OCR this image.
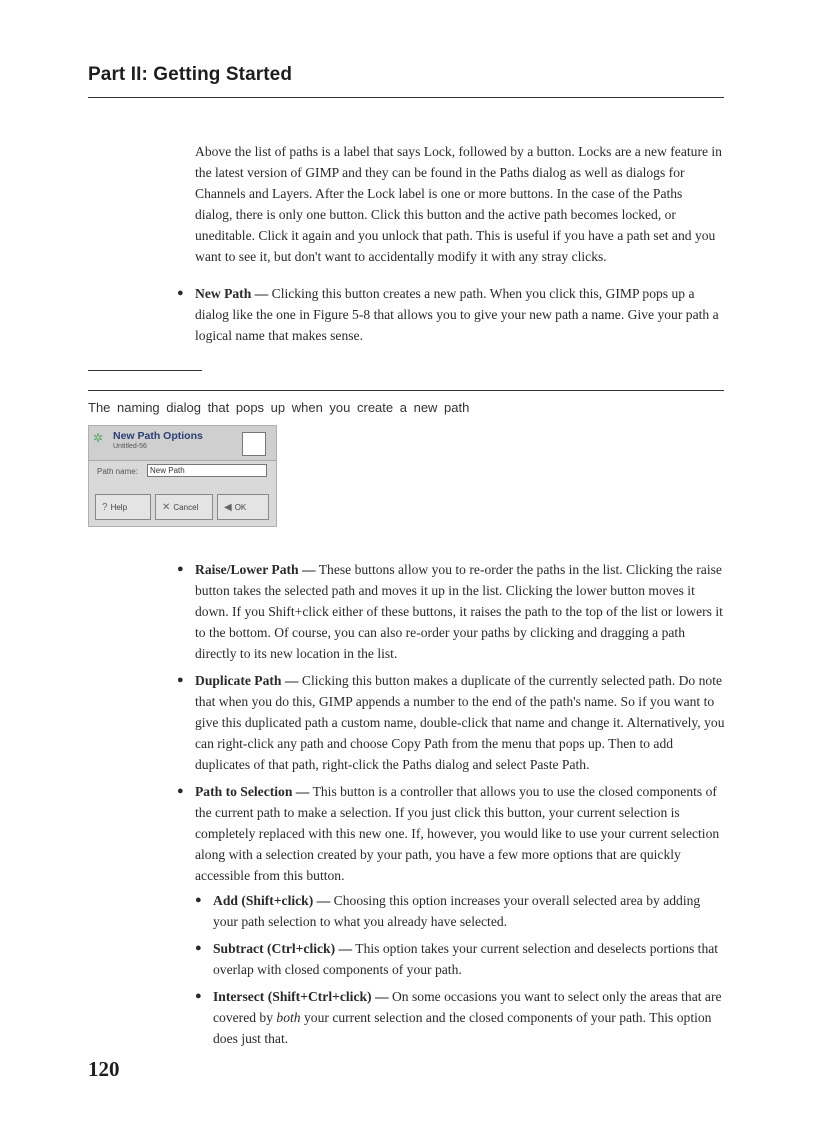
Part II: Getting Started

Above the list of paths is a label that says Lock, followed by a button. Locks are a new feature in the latest version of GIMP and they can be found in the Paths dialog as well as dialogs for Channels and Layers. After the Lock label is one or more buttons. In the case of the Paths dialog, there is only one button. Click this button and the active path becomes locked, or uneditable. Click it again and you unlock that path. This is useful if you have a path set and you want to see it, but don't want to accidentally modify it with any stray clicks.

● New Path — Clicking this button creates a new path. When you click this, GIMP pops up a dialog like the one in Figure 5-8 that allows you to give your new path a name. Give your path a logical name that makes sense.
The naming dialog that pops up when you create a new path
✲ New Path Options
Untitled-56
Path name:	New Path
? Help	✕ Cancel	◀ OK
● Raise/Lower Path — These buttons allow you to re-order the paths in the list. Clicking the raise button takes the selected path and moves it up in the list. Clicking the lower button moves it down. If you Shift+click either of these buttons, it raises the path to the top of the list or lowers it to the bottom. Of course, you can also re-order your paths by clicking and dragging a path directly to its new location in the list.
● Duplicate Path — Clicking this button makes a duplicate of the currently selected path. Do note that when you do this, GIMP appends a number to the end of the path's name. So if you want to give this duplicated path a custom name, double-click that name and change it. Alternatively, you can right-click any path and choose Copy Path from the menu that pops up. Then to add duplicates of that path, right-click the Paths dialog and select Paste Path.
● Path to Selection — This button is a controller that allows you to use the closed components of the current path to make a selection. If you just click this button, your current selection is completely replaced with this new one. If, however, you would like to use your current selection along with a selection created by your path, you have a few more options that are quickly accessible from this button.
● Add (Shift+click) — Choosing this option increases your overall selected area by adding your path selection to what you already have selected.
● Subtract (Ctrl+click) — This option takes your current selection and deselects portions that overlap with closed components of your path.
● Intersect (Shift+Ctrl+click) — On some occasions you want to select only the areas that are covered by both your current selection and the closed components of your path. This option does just that.
120
